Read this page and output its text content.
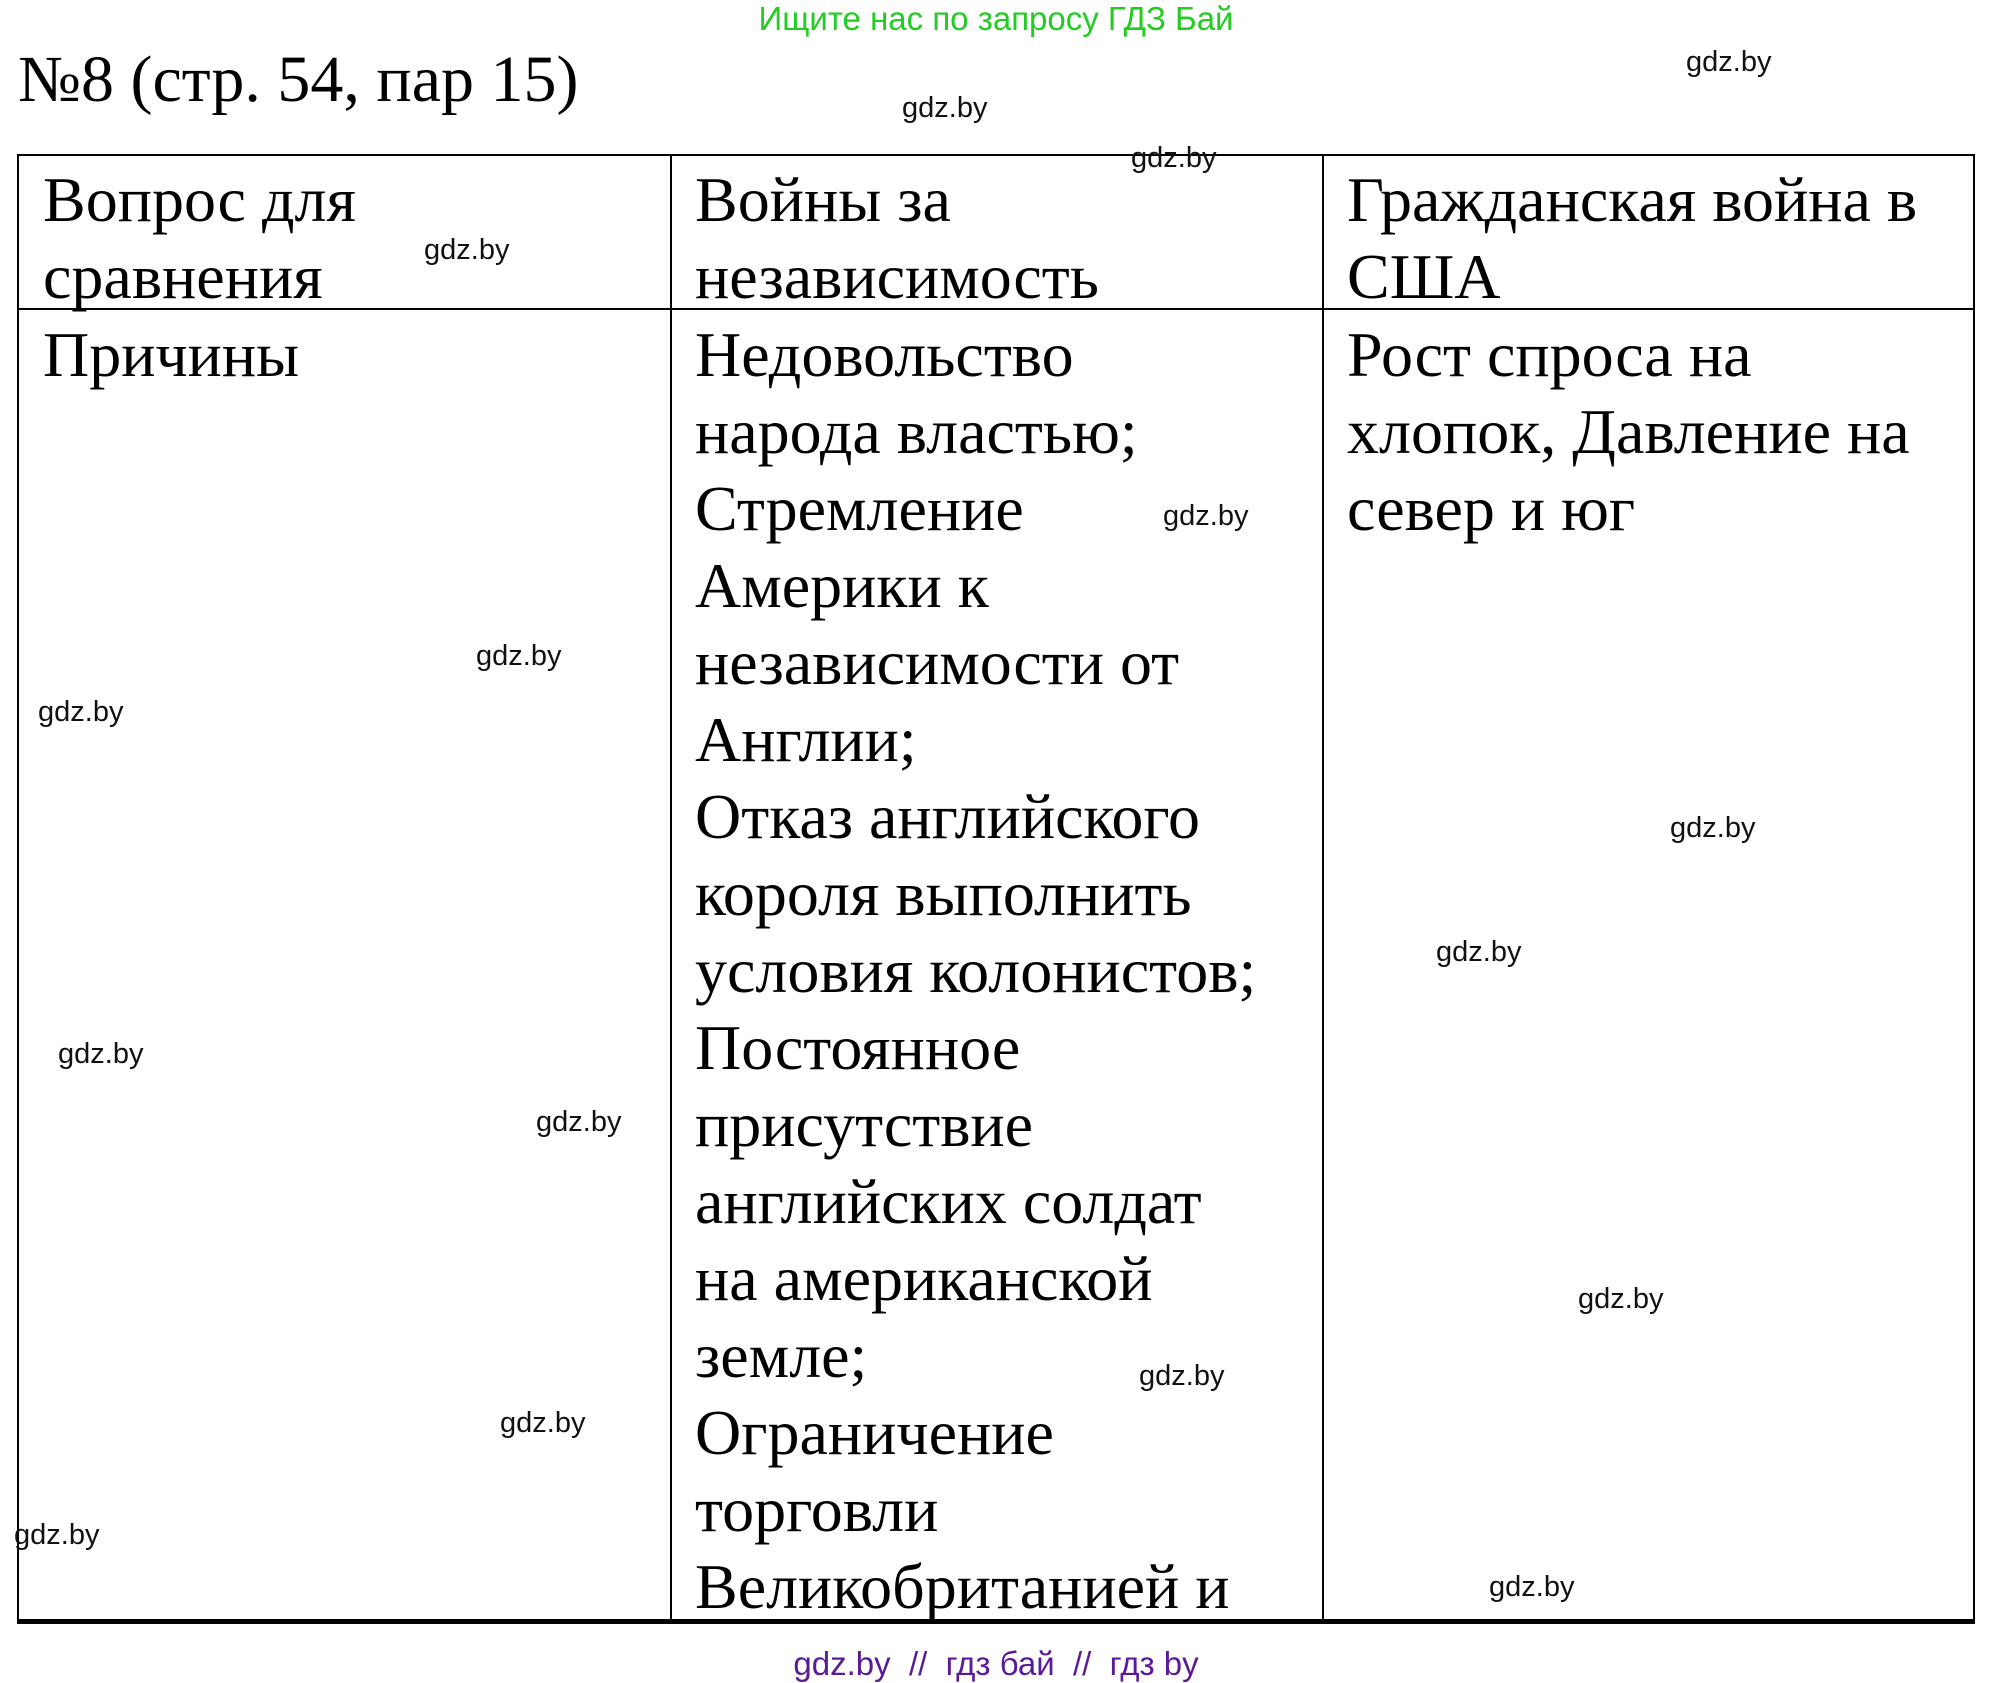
Ищите нас по запросу ГДЗ Бай
№8 (стр. 54, пар 15)
Вопрос для
сравнения
Войны за
независимость
Гражданская война в
США
Причины	Недовольство
народа властью;
Стремление
Америки к
независимости от
Англии;
Отказ английского
короля выполнить
условия колонистов;
Постоянное
присутствие
английских солдат
на американской
земле;
Ограничение
торговли
Великобританией и
Рост спроса на
хлопок, Давление на
север и юг
gdz.by
gdz.by
gdz.by
gdz.by
gdz.by
gdz.by
gdz.by
gdz.by
gdz.by
gdz.by
gdz.by
gdz.by
gdz.by
gdz.by
gdz.by
gdz.by
gdz.by  //  гдз бай  //  гдз by
